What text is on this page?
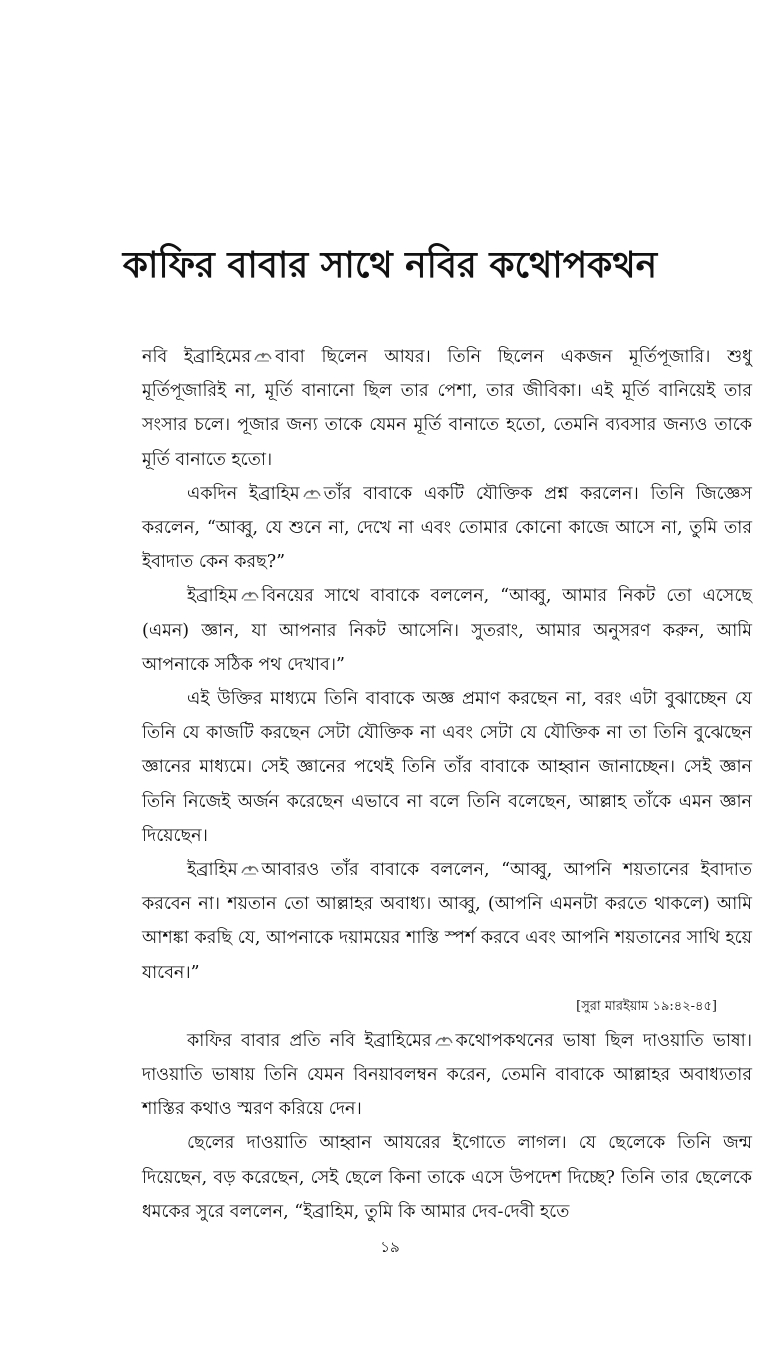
কাফির বাবার সাথে নবির কথোপকথন

নবি ইব্রাহিমের বাবা ছিলেন আযর। তিনি ছিলেন একজন মূর্তিপূজারি। শুধু মূর্তিপূজারিই না, মূর্তি বানানো ছিল তার পেশা, তার জীবিকা। এই মূর্তি বানিয়েই তার সংসার চলে। পূজার জন্য তাকে যেমন মূর্তি বানাতে হতো, তেমনি ব্যবসার জন্যও তাকে মূর্তি বানাতে হতো।

একদিন ইব্রাহিম তাঁর বাবাকে একটি যৌক্তিক প্রশ্ন করলেন। তিনি জিজ্ঞেস করলেন, “আব্বু, যে শুনে না, দেখে না এবং তোমার কোনো কাজে আসে না, তুমি তার ইবাদাত কেন করছ?”

ইব্রাহিম বিনয়ের সাথে বাবাকে বললেন, “আব্বু, আমার নিকট তো এসেছে (এমন) জ্ঞান, যা আপনার নিকট আসেনি। সুতরাং, আমার অনুসরণ করুন, আমি আপনাকে সঠিক পথ দেখাব।”

এই উক্তির মাধ্যমে তিনি বাবাকে অজ্ঞ প্রমাণ করছেন না, বরং এটা বুঝাচ্ছেন যে তিনি যে কাজটি করছেন সেটা যৌক্তিক না এবং সেটা যে যৌক্তিক না তা তিনি বুঝেছেন জ্ঞানের মাধ্যমে। সেই জ্ঞানের পথেই তিনি তাঁর বাবাকে আহ্বান জানাচ্ছেন। সেই জ্ঞান তিনি নিজেই অর্জন করেছেন এভাবে না বলে তিনি বলেছেন, আল্লাহ তাঁকে এমন জ্ঞান দিয়েছেন।

ইব্রাহিম আবারও তাঁর বাবাকে বললেন, “আব্বু, আপনি শয়তানের ইবাদাত করবেন না। শয়তান তো আল্লাহর অবাধ্য। আব্বু, (আপনি এমনটা করতে থাকলে) আমি আশঙ্কা করছি যে, আপনাকে দয়াময়ের শাস্তি স্পর্শ করবে এবং আপনি শয়তানের সাথি হয়ে যাবেন।”

[সুরা মারইয়াম ১৯:৪২-৪৫]

কাফির বাবার প্রতি নবি ইব্রাহিমের কথোপকথনের ভাষা ছিল দাওয়াতি ভাষা। দাওয়াতি ভাষায় তিনি যেমন বিনয়াবলম্বন করেন, তেমনি বাবাকে আল্লাহর অবাধ্যতার শাস্তির কথাও স্মরণ করিয়ে দেন।

ছেলের দাওয়াতি আহ্বান আযরের ইগোতে লাগল। যে ছেলেকে তিনি জন্ম দিয়েছেন, বড় করেছেন, সেই ছেলে কিনা তাকে এসে উপদেশ দিচ্ছে? তিনি তার ছেলেকে ধমকের সুরে বললেন, “ইব্রাহিম, তুমি কি আমার দেব-দেবী হতে

১৯
